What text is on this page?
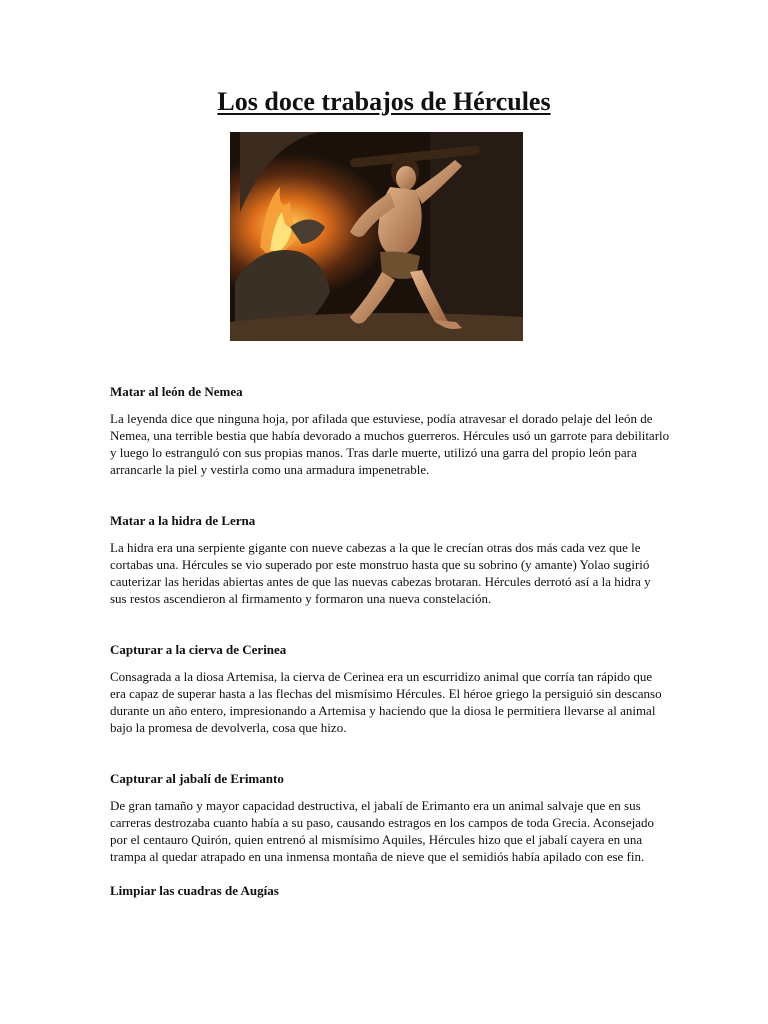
Los doce trabajos de Hércules

Matar al león de Nemea

La leyenda dice que ninguna hoja, por afilada que estuviese, podía atravesar el dorado pelaje del león de Nemea, una terrible bestia que había devorado a muchos guerreros. Hércules usó un garrote para debilitarlo y luego lo estranguló con sus propias manos. Tras darle muerte, utilizó una garra del propio león para arrancarle la piel y vestirla como una armadura impenetrable.

Matar a la hidra de Lerna

La hidra era una serpiente gigante con nueve cabezas a la que le crecían otras dos más cada vez que le cortabas una. Hércules se vio superado por este monstruo hasta que su sobrino (y amante) Yolao sugirió cauterizar las heridas abiertas antes de que las nuevas cabezas brotaran. Hércules derrotó así a la hidra y sus restos ascendieron al firmamento y formaron una nueva constelación.

Capturar a la cierva de Cerinea

Consagrada a la diosa Artemisa, la cierva de Cerinea era un escurridizo animal que corría tan rápido que era capaz de superar hasta a las flechas del mismísimo Hércules. El héroe griego la persiguió sin descanso durante un año entero, impresionando a Artemisa y haciendo que la diosa le permitiera llevarse al animal bajo la promesa de devolverla, cosa que hizo.

Capturar al jabalí de Erimanto

De gran tamaño y mayor capacidad destructiva, el jabalí de Erimanto era un animal salvaje que en sus carreras destrozaba cuanto había a su paso, causando estragos en los campos de toda Grecia. Aconsejado por el centauro Quirón, quien entrenó al mismísimo Aquiles, Hércules hizo que el jabalí cayera en una trampa al quedar atrapado en una inmensa montaña de nieve que el semidiós había apilado con ese fin.

Limpiar las cuadras de Augías
